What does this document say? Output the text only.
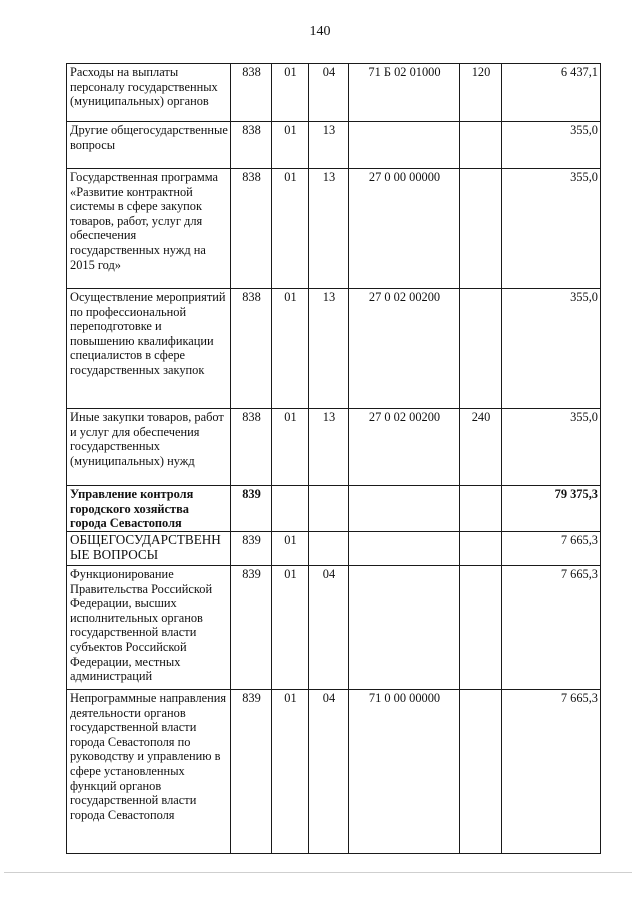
140
Расходы на выплаты персоналу государственных (муниципальных) органов	838	01	04	71 Б 02 01000	120	6 437,1
Другие общегосударственные вопросы	838	01	13			355,0
Государственная программа «Развитие контрактной системы в сфере закупок товаров, работ, услуг для обеспечения государственных нужд на 2015 год»	838	01	13	27 0 00 00000		355,0
Осуществление мероприятий по профессиональной переподготовке и повышению квалификации специалистов в сфере государственных закупок	838	01	13	27 0 02 00200		355,0
Иные закупки товаров, работ и услуг для обеспечения государственных (муниципальных) нужд	838	01	13	27 0 02 00200	240	355,0
Управление контроля городского хозяйства города Севастополя	839					79 375,3
ОБЩЕГОСУДАРСТВЕННЫЕ ВОПРОСЫ	839	01				7 665,3
Функционирование Правительства Российской Федерации, высших исполнительных органов государственной власти субъектов Российской Федерации, местных администраций	839	01	04			7 665,3
Непрограммные направления деятельности органов государственной власти города Севастополя по руководству и управлению в сфере установленных функций органов государственной власти города Севастополя	839	01	04	71 0 00 00000		7 665,3
